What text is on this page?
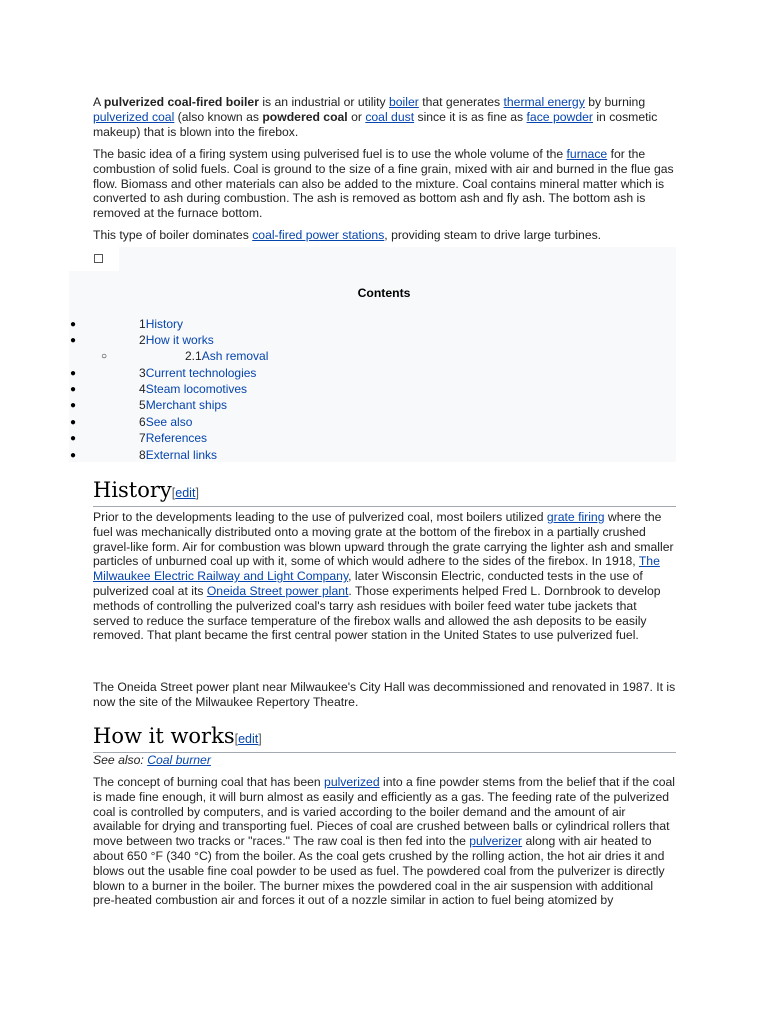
A pulverized coal-fired boiler is an industrial or utility boiler that generates thermal energy by burning pulverized coal (also known as powdered coal or coal dust since it is as fine as face powder in cosmetic makeup) that is blown into the firebox.

The basic idea of a firing system using pulverised fuel is to use the whole volume of the furnace for the combustion of solid fuels. Coal is ground to the size of a fine grain, mixed with air and burned in the flue gas flow. Biomass and other materials can also be added to the mixture. Coal contains mineral matter which is converted to ash during combustion. The ash is removed as bottom ash and fly ash. The bottom ash is removed at the furnace bottom.

This type of boiler dominates coal-fired power stations, providing steam to drive large turbines.

Contents
●	1History
●	2How it works
○	2.1Ash removal
●	3Current technologies
●	4Steam locomotives
●	5Merchant ships
●	6See also
●	7References
●	8External links
History[edit]

Prior to the developments leading to the use of pulverized coal, most boilers utilized grate firing where the fuel was mechanically distributed onto a moving grate at the bottom of the firebox in a partially crushed gravel-like form. Air for combustion was blown upward through the grate carrying the lighter ash and smaller particles of unburned coal up with it, some of which would adhere to the sides of the firebox. In 1918, The Milwaukee Electric Railway and Light Company, later Wisconsin Electric, conducted tests in the use of pulverized coal at its Oneida Street power plant. Those experiments helped Fred L. Dornbrook to develop methods of controlling the pulverized coal's tarry ash residues with boiler feed water tube jackets that served to reduce the surface temperature of the firebox walls and allowed the ash deposits to be easily removed. That plant became the first central power station in the United States to use pulverized fuel.

The Oneida Street power plant near Milwaukee's City Hall was decommissioned and renovated in 1987. It is now the site of the Milwaukee Repertory Theatre.

How it works[edit]

See also: Coal burner

The concept of burning coal that has been pulverized into a fine powder stems from the belief that if the coal is made fine enough, it will burn almost as easily and efficiently as a gas. The feeding rate of the pulverized coal is controlled by computers, and is varied according to the boiler demand and the amount of air available for drying and transporting fuel. Pieces of coal are crushed between balls or cylindrical rollers that move between two tracks or "races." The raw coal is then fed into the pulverizer along with air heated to about 650 °F (340 °C) from the boiler. As the coal gets crushed by the rolling action, the hot air dries it and blows out the usable fine coal powder to be used as fuel. The powdered coal from the pulverizer is directly blown to a burner in the boiler. The burner mixes the powdered coal in the air suspension with additional pre-heated combustion air and forces it out of a nozzle similar in action to fuel being atomized by
